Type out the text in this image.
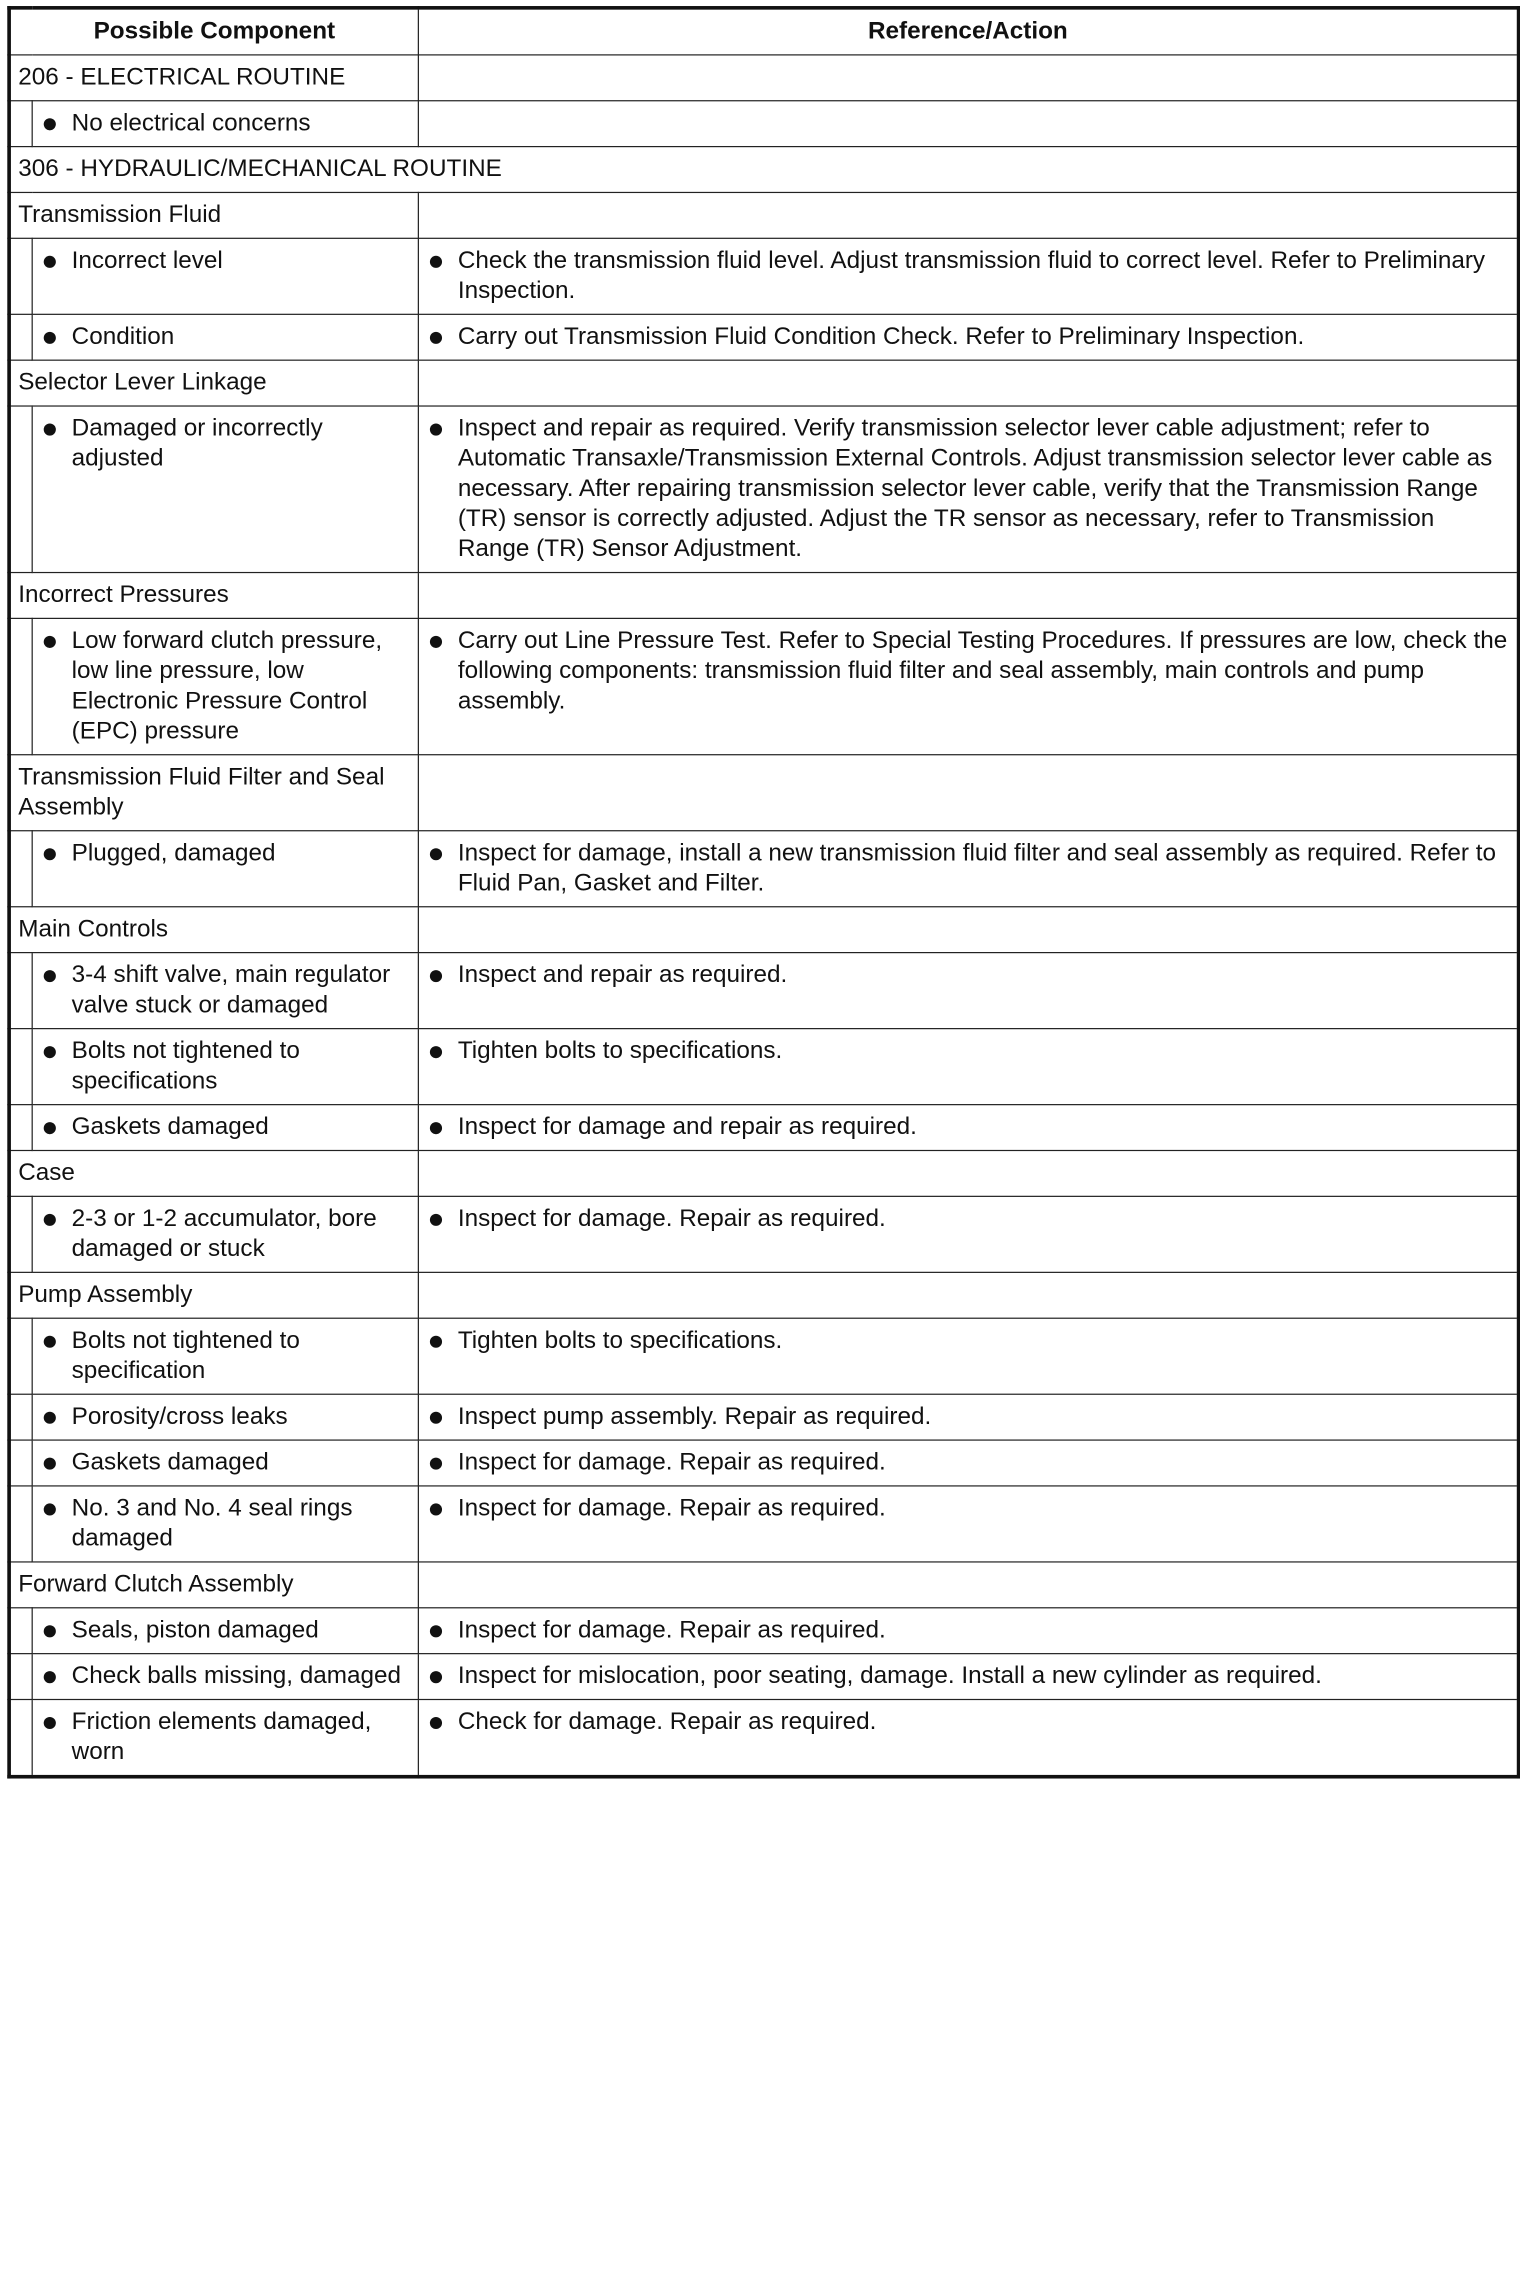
Possible Component		Reference/Action
206 - ELECTRICAL ROUTINE		

	No electrical concerns	

306 - HYDRAULIC/MECHANICAL ROUTINE		
Transmission Fluid		

	Incorrect level	Check the transmission fluid level. Adjust transmission fluid to correct level. Refer to Preliminary Inspection.

	Condition	Carry out Transmission Fluid Condition Check. Refer to Preliminary Inspection.

Selector Lever Linkage		

	Damaged or incorrectly adjusted	Inspect and repair as required. Verify transmission selector lever cable adjustment; refer to Automatic Transaxle/Transmission External Controls. Adjust transmission selector lever cable as necessary. After repairing transmission selector lever cable, verify that the Transmission Range (TR) sensor is correctly adjusted. Adjust the TR sensor as necessary, refer to Transmission Range (TR) Sensor Adjustment.

Incorrect Pressures		

	Low forward clutch pressure, low line pressure, low Electronic Pressure Control (EPC) pressure	Carry out Line Pressure Test. Refer to Special Testing Procedures. If pressures are low, check the following components: transmission fluid filter and seal assembly, main controls and pump assembly.

Transmission Fluid Filter and Seal Assembly		

	Plugged, damaged	Inspect for damage, install a new transmission fluid filter and seal assembly as required. Refer to Fluid Pan, Gasket and Filter.

Main Controls		

	3-4 shift valve, main regulator valve stuck or damaged	Inspect and repair as required.

	Bolts not tightened to specifications	Tighten bolts to specifications.

	Gaskets damaged	Inspect for damage and repair as required.

Case		

	2-3 or 1-2 accumulator, bore damaged or stuck	Inspect for damage. Repair as required.

Pump Assembly		

	Bolts not tightened to specification	Tighten bolts to specifications.

	Porosity/cross leaks	Inspect pump assembly. Repair as required.

	Gaskets damaged	Inspect for damage. Repair as required.

	No. 3 and No. 4 seal rings damaged	Inspect for damage. Repair as required.

Forward Clutch Assembly		

	Seals, piston damaged	Inspect for damage. Repair as required.

	Check balls missing, damaged	Inspect for mislocation, poor seating, damage. Install a new cylinder as required.

	Friction elements damaged, worn	Check for damage. Repair as required.
